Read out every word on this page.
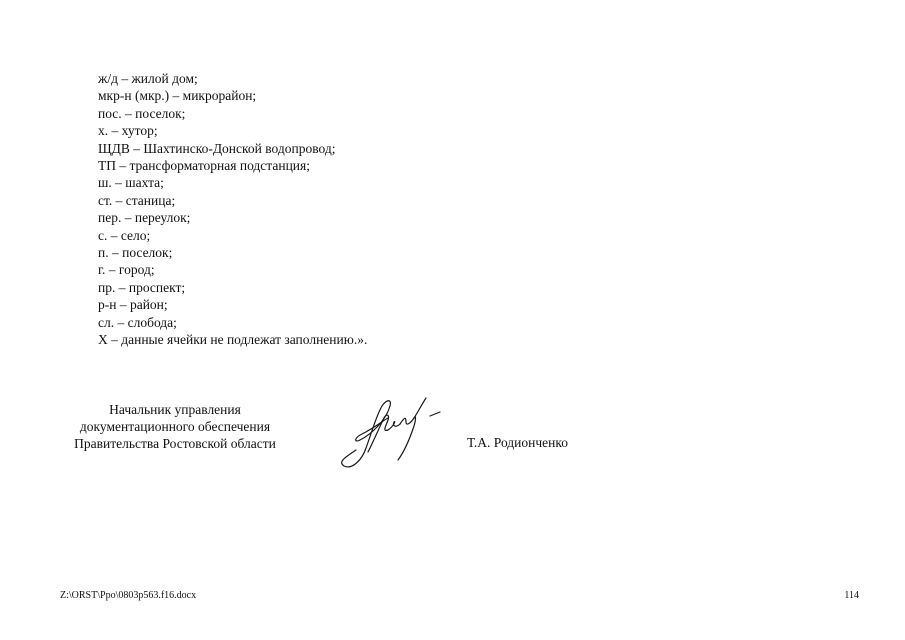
ж/д – жилой дом;
мкр-н (мкр.) – микрорайон;
пос. – поселок;
х. – хутор;
ЩДВ – Шахтинско-Донской водопровод;
ТП – трансформаторная подстанция;
ш. – шахта;
ст. – станица;
пер. – переулок;
с. – село;
п. – поселок;
г. – город;
пр. – проспект;
р-н – район;
сл. – слобода;
Х – данные ячейки не подлежат заполнению.».
Начальник управления
документационного обеспечения
Правительства Ростовской области	Т.А. Родионченко
Z:\ORST\Ppo\0803p563.f16.docx	114
